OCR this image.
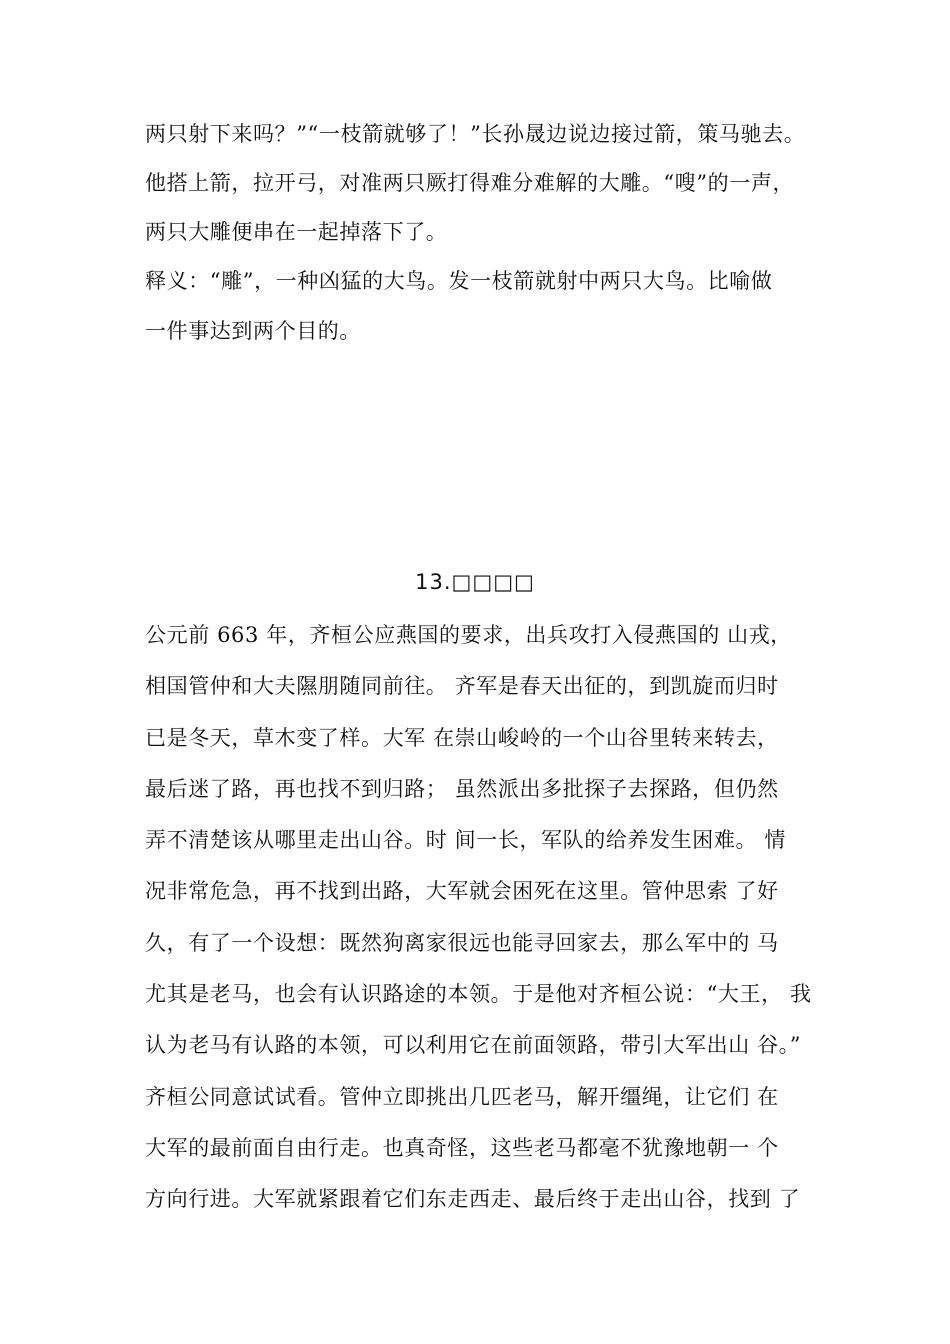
两只射下来吗？”“一枝箭就够了！”长孙晟边说边接过箭，策马驰去。
他搭上箭，拉开弓，对准两只厥打得难分难解的大雕。“嗖”的一声，
两只大雕便串在一起掉落下了。
释义：“雕”，一种凶猛的大鸟。发一枝箭就射中两只大鸟。比喻做
一件事达到两个目的。
13.□□□□
公元前 663 年，齐桓公应燕国的要求，出兵攻打入侵燕国的 山戎，
相国管仲和大夫隰朋随同前往。 齐军是春天出征的，到凯旋而归时
已是冬天，草木变了样。大军 在崇山峻岭的一个山谷里转来转去，
最后迷了路，再也找不到归路； 虽然派出多批探子去探路，但仍然
弄不清楚该从哪里走出山谷。时 间一长，军队的给养发生困难。 情
况非常危急，再不找到出路，大军就会困死在这里。管仲思索 了好
久，有了一个设想：既然狗离家很远也能寻回家去，那么军中的 马
尤其是老马，也会有认识路途的本领。于是他对齐桓公说：“大王， 我
认为老马有认路的本领，可以利用它在前面领路，带引大军出山 谷。”
齐桓公同意试试看。管仲立即挑出几匹老马，解开缰绳，让它们 在
大军的最前面自由行走。也真奇怪，这些老马都毫不犹豫地朝一 个
方向行进。大军就紧跟着它们东走西走、最后终于走出山谷，找到 了
